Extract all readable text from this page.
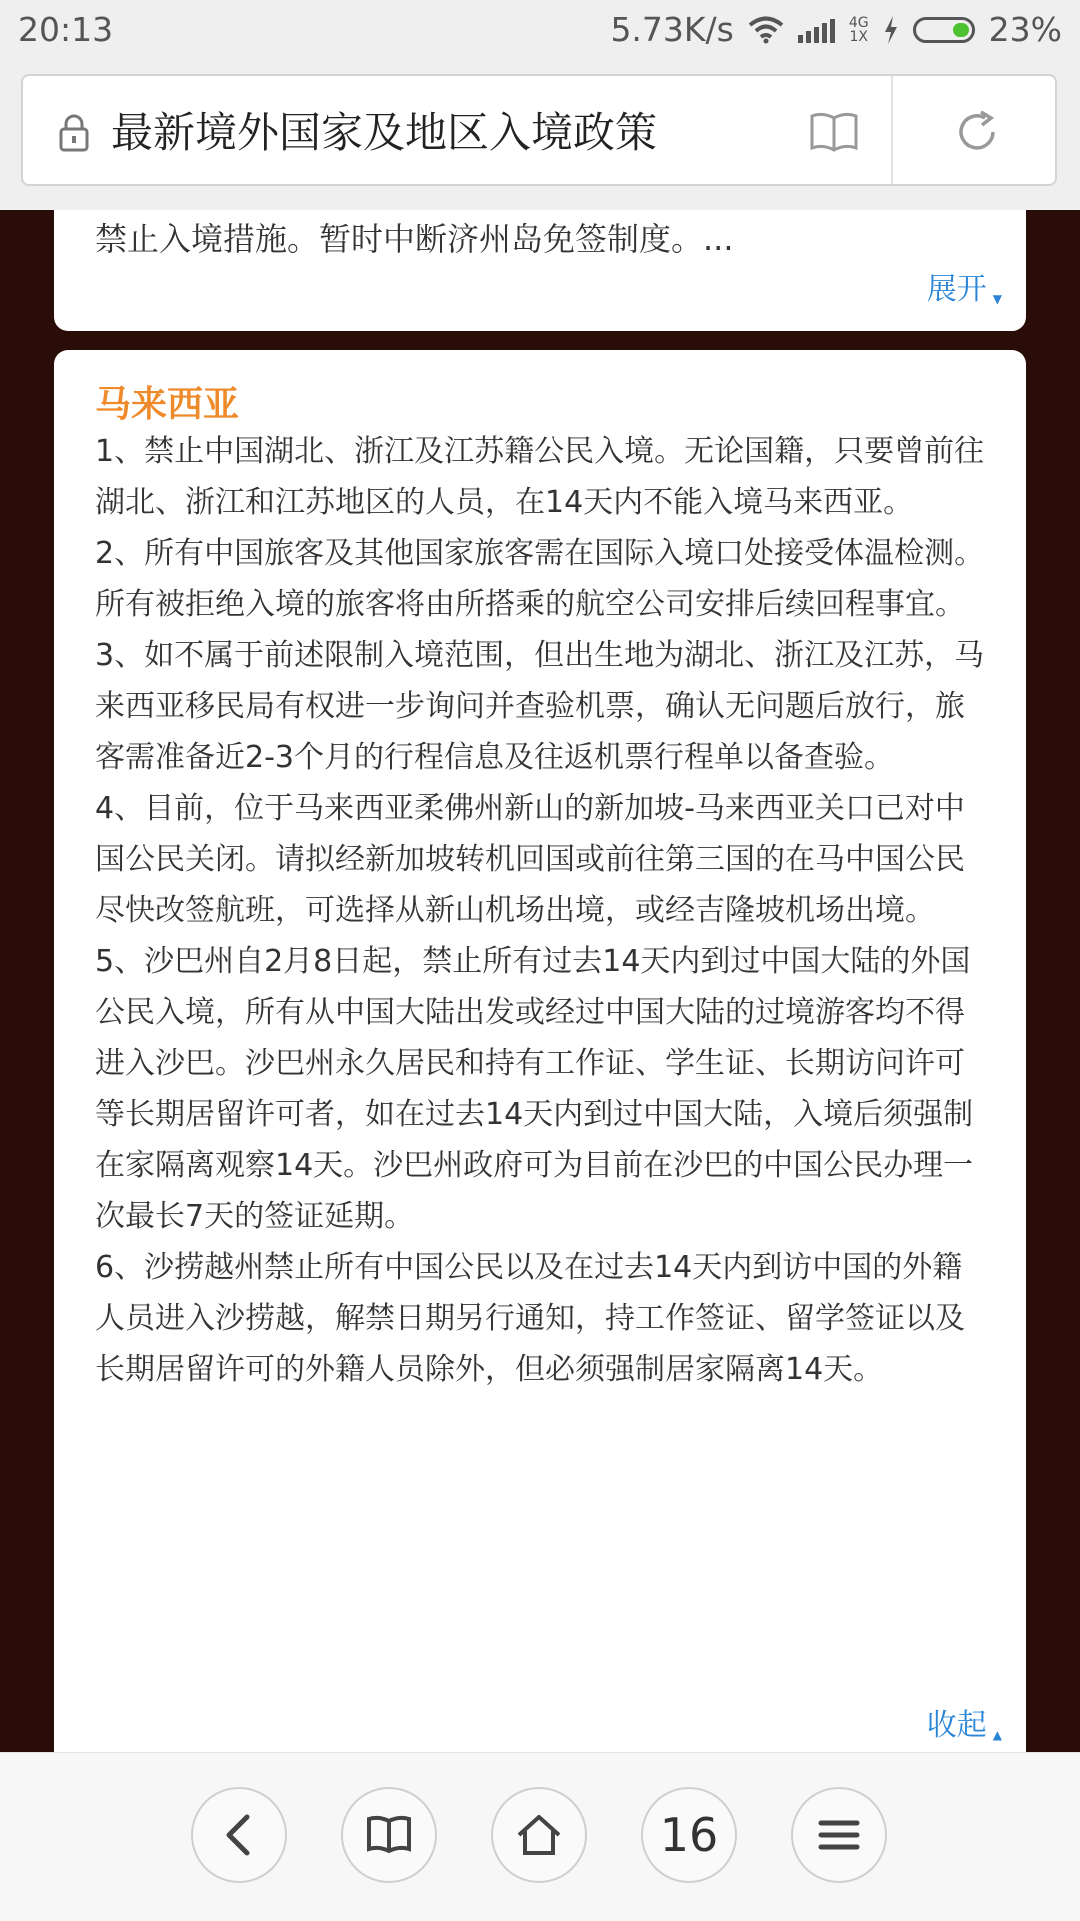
20:13	5.73K/s	4G
1X	23%
最新境外国家及地区入境政策
禁止入境措施。暂时中断济州岛免签制度。...
展开 ▼
马来西亚

1、禁止中国湖北、浙江及江苏籍公民入境。无论国籍，只要曾前往湖北、浙江和江苏地区的人员，在14天内不能入境马来西亚。

2、所有中国旅客及其他国家旅客需在国际入境口处接受体温检测。所有被拒绝入境的旅客将由所搭乘的航空公司安排后续回程事宜。

3、如不属于前述限制入境范围，但出生地为湖北、浙江及江苏，马来西亚移民局有权进一步询问并查验机票，确认无问题后放行，旅客需准备近2-3个月的行程信息及往返机票行程单以备查验。

4、目前，位于马来西亚柔佛州新山的新加坡-马来西亚关口已对中国公民关闭。请拟经新加坡转机回国或前往第三国的在马中国公民尽快改签航班，可选择从新山机场出境，或经吉隆坡机场出境。

5、沙巴州自2月8日起，禁止所有过去14天内到过中国大陆的外国公民入境，所有从中国大陆出发或经过中国大陆的过境游客均不得进入沙巴。沙巴州永久居民和持有工作证、学生证、长期访问许可等长期居留许可者，如在过去14天内到过中国大陆，入境后须强制在家隔离观察14天。沙巴州政府可为目前在沙巴的中国公民办理一次最长7天的签证延期。

6、沙捞越州禁止所有中国公民以及在过去14天内到访中国的外籍人员进入沙捞越，解禁日期另行通知，持工作签证、留学签证以及长期居留许可的外籍人员除外，但必须强制居家隔离14天。

收起 ▲
16
